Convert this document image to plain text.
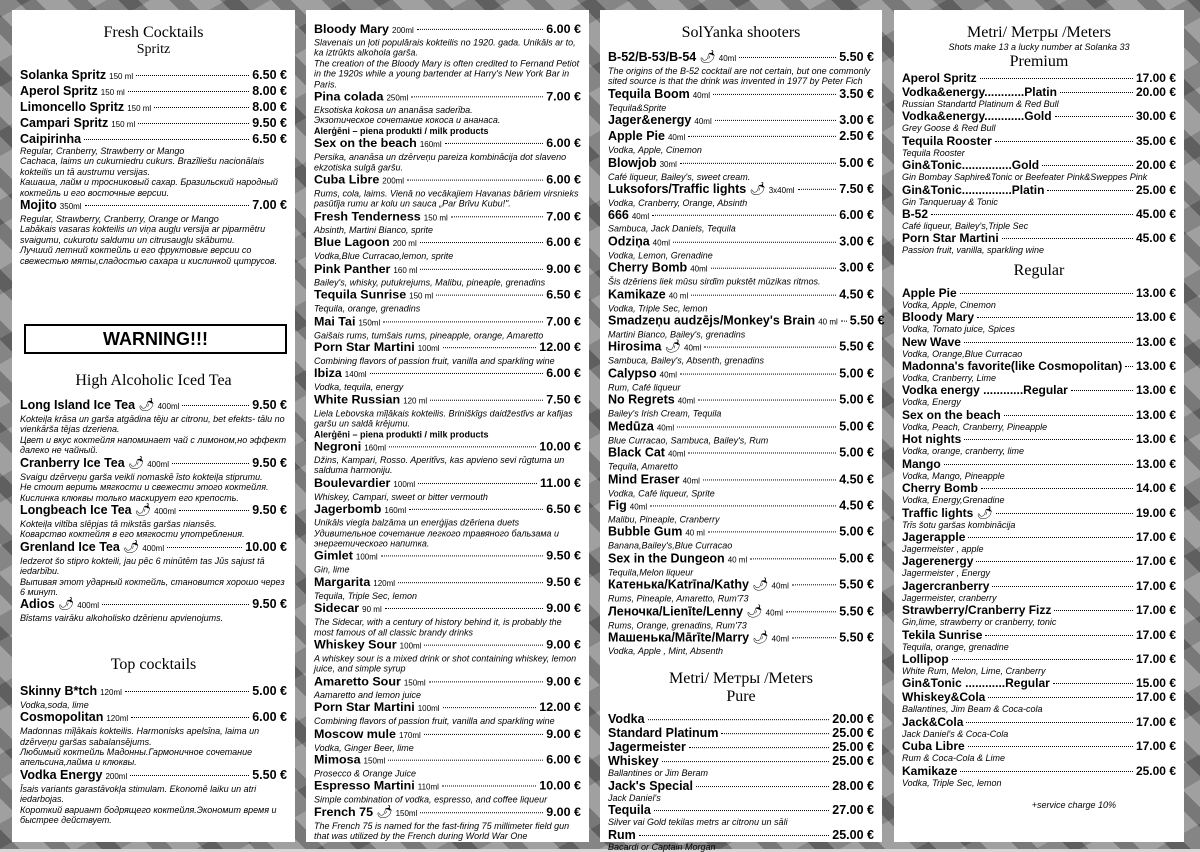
Fresh Cocktails
Spritz
Solanka Spritz 150 ml	6.50 €
Aperol Spritz 150 ml	8.00 €
Limoncello Spritz 150 ml	8.00 €
Campari Spritz 150 ml	9.50 €
Caipirinha	6.50 €
Regular, Cranberry, Strawberry or Mango
Cachaca, laims un cukurniedru cukurs. Brazīliešu nacionālais kokteilis un tā austrumu versijas.
Кашаша, лайм и тросниковый сахар. Бразильский народный коктейль и его восточные версии.
Mojito 350ml	7.00 €
Regular, Strawberry, Cranberry, Orange or Mango
Labākais vasaras kokteilis un viņa augļu versija ar piparmētru svaigumu, cukurotu saldumu un citrusaugļu skābumu.
Лучший летний коктейль и его фруктовые версии со свежестью мяты,сладостью сахара и кислинкой цитрусов.
WARNING!!!
High Alcoholic Iced Tea
Long Island Ice Tea 🌶 400ml	9.50 €
Kokteiļa krāsa un garša atgādina tēju ar citronu, bet efekts- tālu no vienkārša tējas dzeriena.
Цвет и вкус коктейля напоминает чай с лимоном,но эффект далеко не чайный.
Cranberry Ice Tea 🌶 400ml	9.50 €
Svaigu dzērveņu garša veikli nomaskē īsto kokteiļa stiprumu.
Не стоит верить мягкости и свежести этого коктейля.
Кислинка клюквы только маскирует его крепость.
Longbeach Ice Tea 🌶 400ml	9.50 €
Kokteiļa viltība slēpjas tā mikstās garšas niansēs.
Коварство коктейля в его мягкости употребления.
Grenland Ice Tea 🌶 400ml	10.00 €
Iedzerot šo stipro kokteili, jau pēc 6 minūtēm tas Jūs sajust tā iedarbību.
Выпивая этот ударный коктейль, становится хорошо через 6 минут.
Adios 🌶 400ml	9.50 €
Bīstams vairāku alkoholisko dzērienu apvienojums.
Top cocktails
Skinny B*tch 120ml	5.00 €
Vodka,soda, lime
Cosmopolitan 120ml	6.00 €
Madonnas mīļākais kokteilis. Harmonisks apelsīna, laima un dzērveņu garšas sabalansējums.
Любимый коктейль Мадонны.Гармоничное сочетание апельсина,лайма и клюквы.
Vodka Energy 200ml	5.50 €
Īsais variants garastāvokļa stimulam. Ekonomē laiku un atri iedarbojas.
Короткий вариант бодрящего коктейля.Экономит время и быстрее действует.
Bloody Mary 200ml	6.00 €
Slavenais un ļoti populārais kokteilis no 1920. gada. Unikāls ar to, ka iztrūkts alkohola garša.
The creation of the Bloody Mary is often credited to Fernand Petiot in the 1920s while a young bartender at Harry's New York Bar in Paris.
Pina colada 250ml	7.00 €
Eksotiska kokosa un ananāsa saderība.
Экзотическое сочетание кокоса и ананаса.
Alerģēni – piena produkti / milk products
Sex on the beach 160ml	6.00 €
Persika, ananāsa un dzērveņu pareiza kombinācija dot slaveno ekzotiska sulgā garšu.
Cuba Libre 200ml	6.00 €
Rums, cola, laims. Vienā no vecākajiem Havanas bāriem virsnieks pasūtīja rumu ar kolu un sauca „Par Brīvu Kubu!".
Fresh Tenderness 150 ml	7.00 €
Absinth, Martini Bianco, sprite
Blue Lagoon 200 ml	6.00 €
Vodka,Blue Curracao,lemon, sprite
Pink Panther 160 ml	9.00 €
Bailey's, whisky, putukrejums, Malibu, pineaple, grenadins
Tequila Sunrise 150 ml	6.50 €
Tequila, orange, grenadins
Mai Tai 150ml	7.00 €
Gaišais rums, tumšais rums, pineapple, orange, Amaretto
Porn Star Martini 100ml	12.00 €
Combining flavors of passion fruit, vanilla and sparkling wine
Ibiza 140ml	6.00 €
Vodka, tequila, energy
White Russian 120 ml	7.50 €
Liela Lebovska mīļākais kokteilis. Briniškīgs daidžestīvs ar kafijas garšu un saldā krējumu.
Alerģēni – piena produkti / milk products
Negroni 160ml	10.00 €
Džins, Kampari, Rosso. Aperitīvs, kas apvieno sevi rūgtuma un salduma harmoniju.
Boulevardier 100ml	11.00 €
Whiskey, Campari, sweet or bitter vermouth
Jagerbomb 160ml	6.50 €
Unikāls viegla balzāma un enerģijas dzēriena duets
Удивительное сочетание легкого травяного бальзама и энергетического напитка.
Gimlet 100ml	9.50 €
Gin, lime
Margarita 120ml	9.50 €
Tequila, Triple Sec, lemon
Sidecar 90 ml	9.00 €
The Sidecar, with a century of history behind it, is probably the most famous of all classic brandy drinks
Whiskey Sour 100ml	9.00 €
A whiskey sour is a mixed drink or shot containing whiskey, lemon juice, and simple syrup
Amaretto Sour 150ml	9.00 €
Aamaretto and lemon juice
Porn Star Martini 100ml	12.00 €
Combining flavors of passion fruit, vanilla and sparkling wine
Moscow mule 170ml	9.00 €
Vodka, Ginger Beer, lime
Mimosa 150ml	6.00 €
Prosecco & Orange Juice
Espresso Martini 110ml	10.00 €
Simple combination of vodka, espresso, and coffee liqueur
French 75 🌶 150ml	9.00 €
The French 75 is named for the fast-firing 75 millimeter field gun that was utilized by the French during World War One
SolYanka shooters
B-52/B-53/B-54 🌶 40ml	5.50 €
The origins of the B-52 cocktail are not certain, but one commonly sited source is that the drink was invented in 1977 by Peter Fich
Tequila Boom 40ml	3.50 €
Tequila&Sprite
Jager&energy 40ml	3.00 €
Apple Pie 40ml	2.50 €
Vodka, Apple, Cinemon
Blowjob 30ml	5.00 €
Café liqueur, Bailey's, sweet cream.
Luksofors/Traffic lights 🌶 3x40ml	7.50 €
Vodka, Cranberry, Orange, Absinth
666 40ml	6.00 €
Sambuca, Jack Daniels, Tequila
Odziņa 40ml	3.00 €
Vodka, Lemon, Grenadine
Cherry Bomb 40ml	3.00 €
Šis dzēriens liek mūsu sirdīm pukstēt mūzikas ritmos.
Kamikaze 40 ml	4.50 €
Vodka, Triple Sec, lemon
Smadzeņu audzējs/Monkey's Brain 40 ml 5.50 €
Martini Bianco, Bailey's, grenadins
Hirosima 🌶 40ml	5.50 €
Sambuca, Bailey's, Absenth, grenadins
Calypso 40ml	5.00 €
Rum, Café liqueur
No Regrets 40ml	5.00 €
Bailey's Irish Cream, Tequila
Medūza 40ml	5.00 €
Blue Curracao, Sambuca, Bailey's, Rum
Black Cat 40ml	5.00 €
Tequila, Amaretto
Mind Eraser 40ml	4.50 €
Vodka, Café liqueur, Sprite
Fig 40ml	4.50 €
Malibu, Pineaple, Cranberry
Bubble Gum 40 ml	5.00 €
Banana,Bailey's,Blue Curracao
Sex in the Dungeon 40 ml	5.00 €
Tequila,Melon liqueur
Катенька/Katrīna/Kathy 🌶 40ml	5.50 €
Rums, Pineaple, Amaretto, Rum'73
Леночка/Lienīte/Lenny 🌶 40ml	5.50 €
Rums, Orange, grenadins, Rum'73
Машенька/Mārīte/Marry 🌶 40ml	5.50 €
Vodka, Apple , Mint, Absenth
Metri/ Метры /Meters
Pure
Vodka	20.00 €
Standard Platinum	25.00 €
Jagermeister	25.00 €
Whiskey	25.00 €
Ballantines or Jim Beram
Jack's Special	28.00 €
Jack Daniel's
Tequila	27.00 €
Silver vai Gold tekilas metrs ar citronu un sāli
Rum	25.00 €
Bacardi or Captain Morgan
Metri/ Метры /Meters
Shots make 13 a lucky number at Solanka 33
Premium
Aperol Spritz	17.00 €
Vodka&energy............Platin	20.00 €
Russian Standartd Platinum & Red Bull
Vodka&energy............Gold	30.00 €
Grey Goose & Red Bull
Tequila Rooster	35.00 €
Tequila Rooster
Gin&Tonic...............Gold	20.00 €
Gin Bombay Saphire&Tonic or Beefeater Pink&Sweppes Pink
Gin&Tonic...............Platin	25.00 €
Gin Tanqueruay & Tonic
B-52	45.00 €
Café liqueur, Bailey's,Triple Sec
Porn Star Martini	45.00 €
Passion fruit, vanilla, sparkling wine
Regular
Apple Pie	13.00 €
Vodka, Apple, Cinemon
Bloody Mary	13.00 €
Vodka, Tomato juice, Spices
New Wave	13.00 €
Vodka, Orange,Blue Curracao
Madonna's favorite(like Cosmopolitan) 13.00 €
Vodka, Cranberry, Lime
Vodka energy ............Regular	13.00 €
Vodka, Energy
Sex on the beach	13.00 €
Vodka, Peach, Cranberry, Pineapple
Hot nights	13.00 €
Vodka, orange, cranberry, lime
Mango	13.00 €
Vodka, Mango, Pineapple
Cherry Bomb	14.00 €
Vodka, Energy,Grenadine
Traffic lights 🌶	19.00 €
Trīs šotu garšas kombinācija
Jagerapple	17.00 €
Jagermeister , apple
Jagerenergy	17.00 €
Jagermeister , Energy
Jagercranberry	17.00 €
Jagermeister, cranberry
Strawberry/Cranberry Fizz	17.00 €
Gin,lime, strawberry or cranberry, tonic
Tekila Sunrise	17.00 €
Tequila, orange, grenadine
Lollipop	17.00 €
White Rum, Melon, Lime, Cranberry
Gin&Tonic ............Regular	15.00 €
Whiskey&Cola	17.00 €
Ballantines, Jim Beam & Coca-cola
Jack&Cola	17.00 €
Jack Daniel's & Coca-Cola
Cuba Libre	17.00 €
Rum & Coca-Cola & Lime
Kamikaze	25.00 €
Vodka, Triple Sec, lemon
+service charge 10%
